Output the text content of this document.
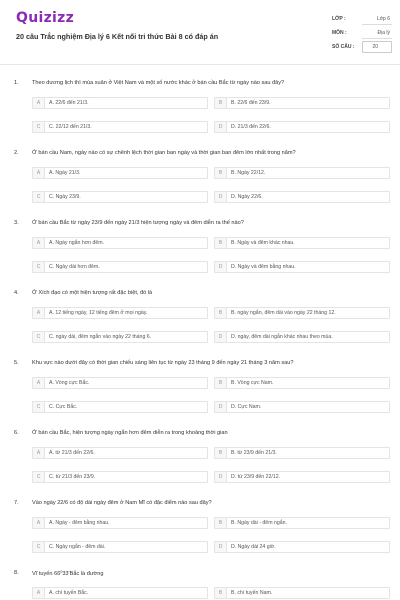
Quizizz
20 câu Trắc nghiệm Địa lý 6 Kết nối tri thức Bài 8 có đáp án
LỚP :	Lớp 6
MÔN :	Địa lý
SỐ CÂU :	20
1. Theo dương lịch thì mùa xuân ở Việt Nam và một số nước khác ở bán cầu Bắc từ ngày nào sau đây?
A	A. 22/6 đến 21/3.	B	B. 22/6 đến 23/9.
C	C. 22/12 đến 21/3.	D	D. 21/3 đến 22/6.
2. Ở bán cầu Nam, ngày nào có sự chênh lệch thời gian ban ngày và thời gian ban đêm lớn nhất trong năm?
A	A. Ngày 21/3.	B	B. Ngày 22/12.
C	C. Ngày 23/9.	D	D. Ngày 22/6.
3. Ở bán cầu Bắc từ ngày 23/9 đến ngày 21/3 hiện tượng ngày và đêm diễn ra thế nào?
A	A. Ngày ngắn hơn đêm.	B	B. Ngày và đêm khác nhau.
C	C. Ngày dài hơn đêm.	D	D. Ngày và đêm bằng nhau.
4. Ở Xích đạo có một hiện tượng rất đặc biệt, đó là
A	A. 12 tiếng ngày, 12 tiếng đêm ở mọi ngày.	B	B. ngày ngắn, đêm dài vào ngày 22 tháng 12.
C	C. ngày dài, đêm ngắn vào ngày 22 tháng 6.	D	D. ngày, đêm dài ngắn khác nhau theo mùa.
5. Khu vực nào dưới đây có thời gian chiếu sáng liên tục từ ngày 23 tháng 9 đến ngày 21 tháng 3 năm sau?
A	A. Vòng cực Bắc.	B	B. Vòng cực Nam.
C	C. Cực Bắc.	D	D. Cực Nam.
6. Ở bán cầu Bắc, hiện tượng ngày ngắn hơn đêm diễn ra trong khoảng thời gian
A	A. từ 21/3 đến 22/6.	B	B. từ 23/9 đến 21/3.
C	C. từ 21/3 đến 23/9.	D	D. từ 23/9 đến 22/12.
7. Vào ngày 22/6 có độ dài ngày đêm ở Nam Mĩ có đặc điểm nào sau đây?
A	A. Ngày - đêm bằng nhau.	B	B. Ngày dài - đêm ngắn.
C	C. Ngày ngắn - đêm dài.	D	D. Ngày dài 24 giờ.
8. Vĩ tuyến $66^033'Bắc$ là đường
A	A. chí tuyến Bắc.	B	B. chí tuyến Nam.
